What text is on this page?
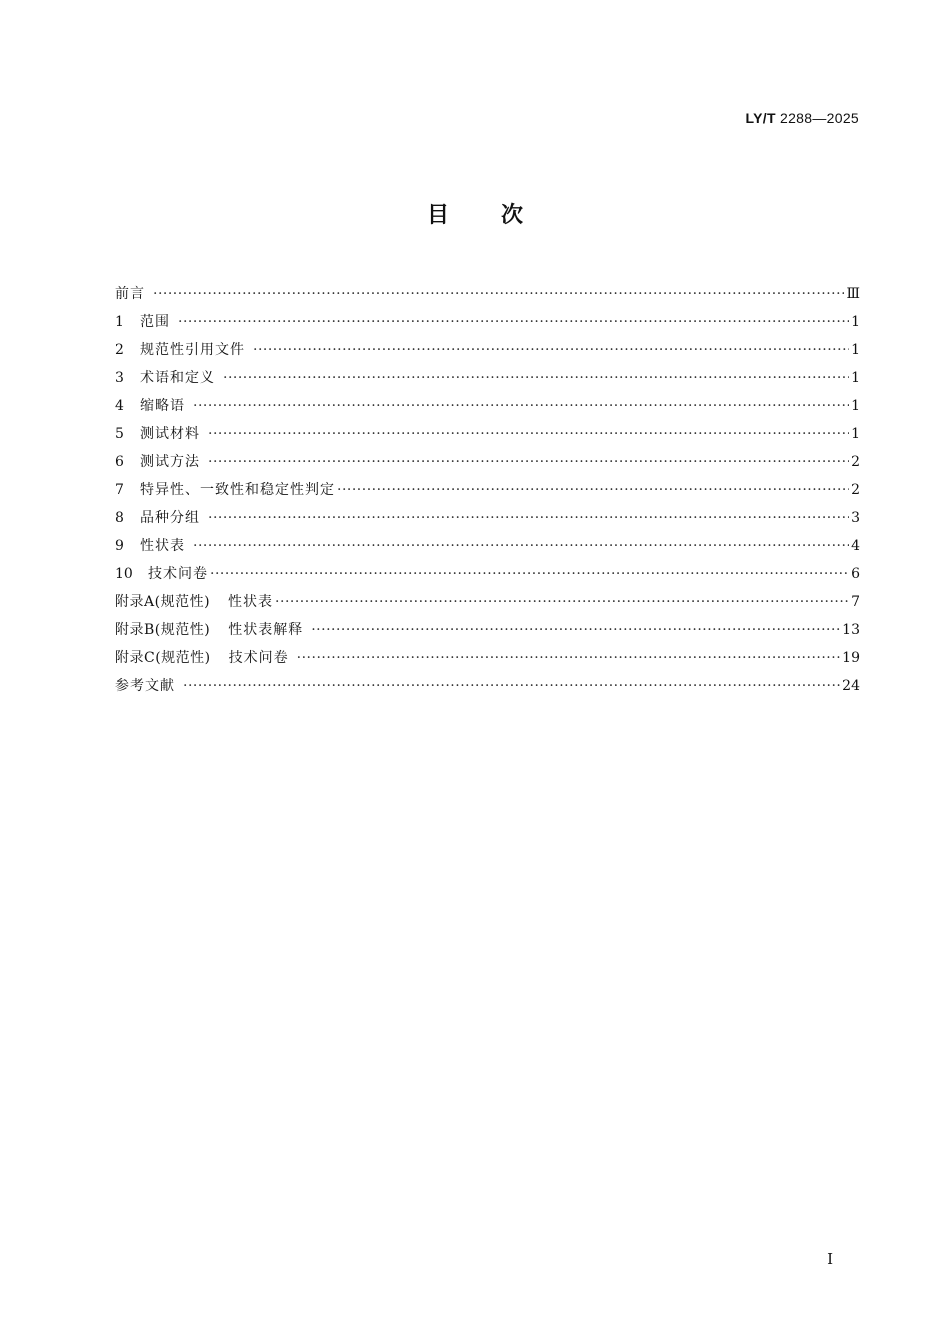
LY/T 2288—2025
目 次
前言 ·····	Ⅲ
1	范围 ·····	1
2	规范性引用文件 ·····	1
3	术语和定义 ·····	1
4	缩略语 ·····	1
5	测试材料 ·····	1
6	测试方法 ·····	2
7	特异性、一致性和稳定性判定 ·····	2
8	品种分组 ·····	3
9	性状表 ·····	4
10	技术问卷 ·····	6
附录A(规范性) 性状表 ·····	7
附录B(规范性) 性状表解释 ·····	13
附录C(规范性) 技术问卷 ·····	19
参考文献 ·····	24
I
